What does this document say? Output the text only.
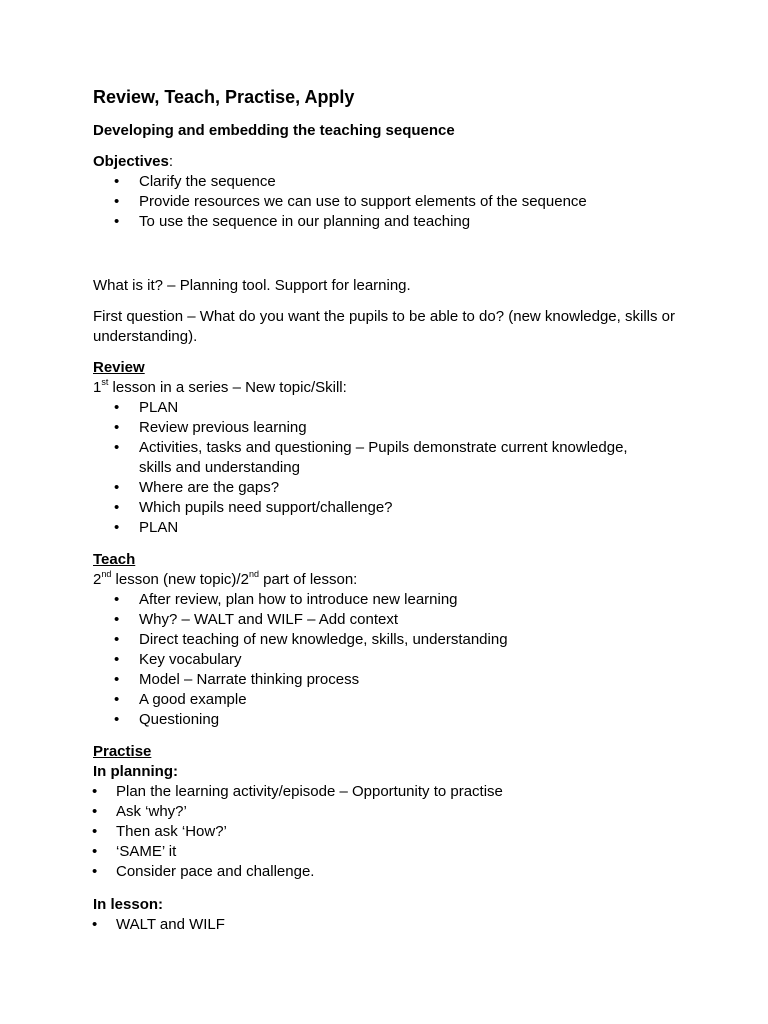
Review, Teach, Practise, Apply

Developing and embedding the teaching sequence

Objectives:

• Clarify the sequence
• Provide resources we can use to support elements of the sequence
• To use the sequence in our planning and teaching

What is it? – Planning tool. Support for learning.

First question – What do you want the pupils to be able to do? (new knowledge, skills or understanding).

Review

1st lesson in a series – New topic/Skill:

• PLAN
• Review previous learning
• Activities, tasks and questioning – Pupils demonstrate current knowledge, skills and understanding
• Where are the gaps?
• Which pupils need support/challenge?
• PLAN

Teach

2nd lesson (new topic)/2nd part of lesson:

• After review, plan how to introduce new learning
• Why? – WALT and WILF – Add context
• Direct teaching of new knowledge, skills, understanding
• Key vocabulary
• Model – Narrate thinking process
• A good example
• Questioning

Practise

In planning:

• Plan the learning activity/episode – Opportunity to practise
• Ask ‘why?’
• Then ask ‘How?’
• ‘SAME’ it
• Consider pace and challenge.

In lesson:

• WALT and WILF
